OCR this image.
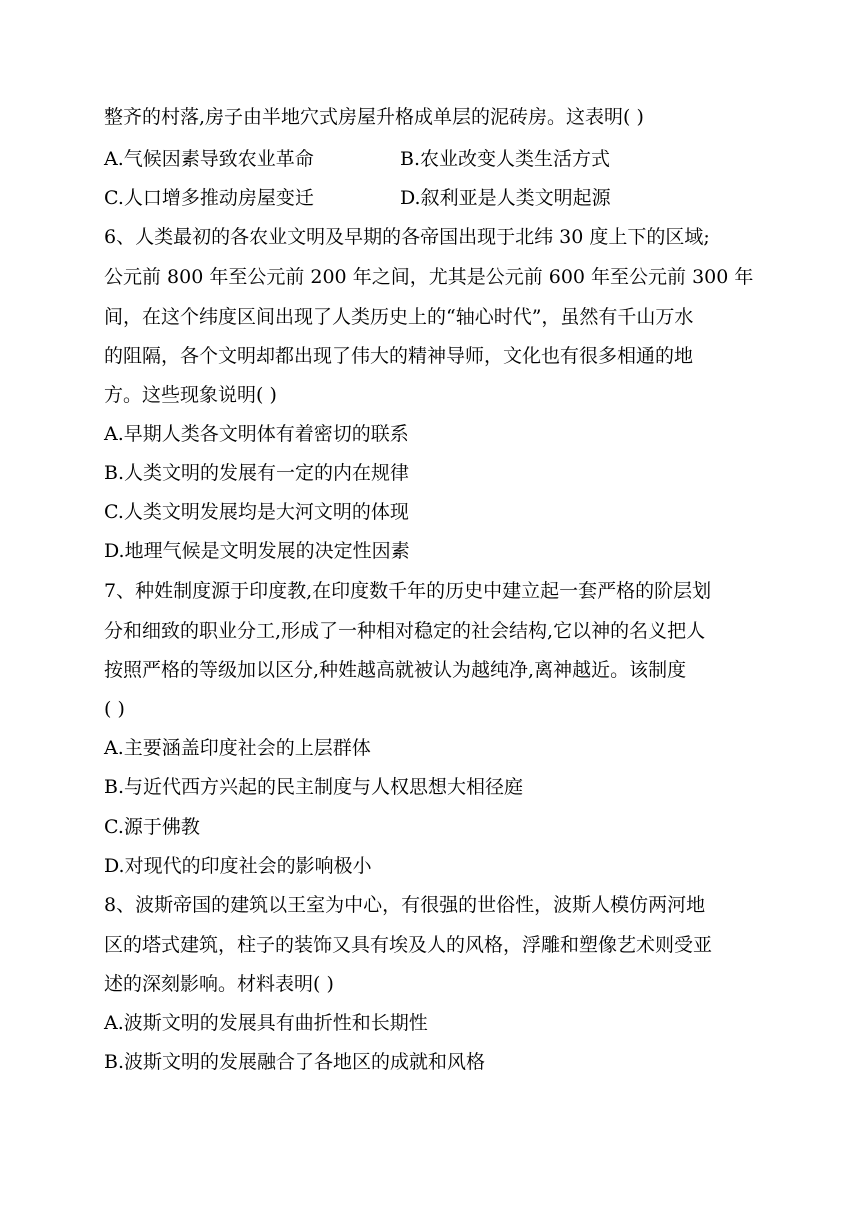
整齐的村落,房子由半地穴式房屋升格成单层的泥砖房。这表明( )
A.气候因素导致农业革命	B.农业改变人类生活方式
C.人口增多推动房屋变迁	D.叙利亚是人类文明起源
6、人类最初的各农业文明及早期的各帝国出现于北纬 30 度上下的区域;
公元前 800 年至公元前 200 年之间，尤其是公元前 600 年至公元前 300 年
间，在这个纬度区间出现了人类历史上的“轴心时代”，虽然有千山万水
的阻隔，各个文明却都出现了伟大的精神导师，文化也有很多相通的地
方。这些现象说明( )
A.早期人类各文明体有着密切的联系
B.人类文明的发展有一定的内在规律
C.人类文明发展均是大河文明的体现
D.地理气候是文明发展的决定性因素
7、种姓制度源于印度教,在印度数千年的历史中建立起一套严格的阶层划
分和细致的职业分工,形成了一种相对稳定的社会结构,它以神的名义把人
按照严格的等级加以区分,种姓越高就被认为越纯净,离神越近。该制度
( )
A.主要涵盖印度社会的上层群体
B.与近代西方兴起的民主制度与人权思想大相径庭
C.源于佛教
D.对现代的印度社会的影响极小
8、波斯帝国的建筑以王室为中心，有很强的世俗性，波斯人模仿两河地
区的塔式建筑，柱子的装饰又具有埃及人的风格，浮雕和塑像艺术则受亚
述的深刻影响。材料表明( )
A.波斯文明的发展具有曲折性和长期性
B.波斯文明的发展融合了各地区的成就和风格
